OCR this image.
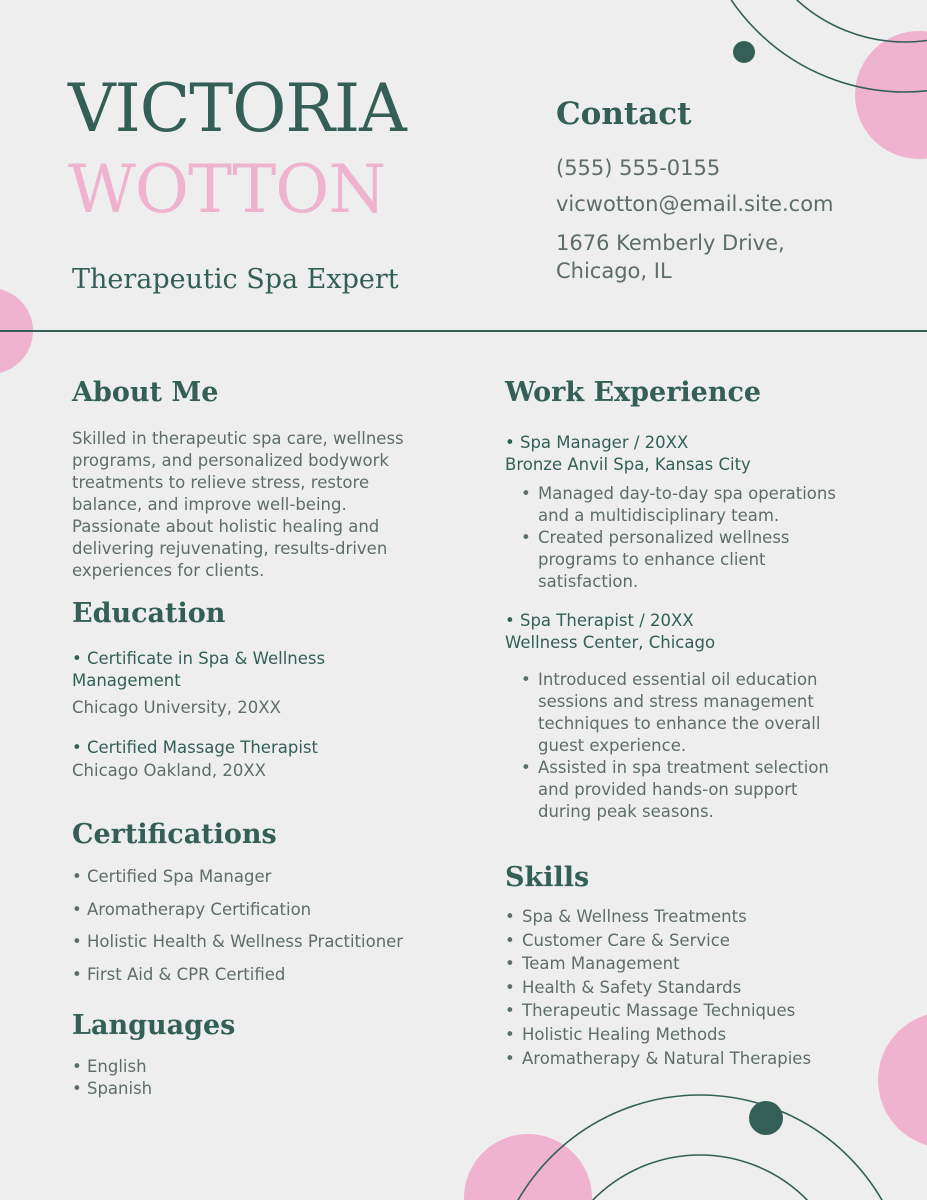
VICTORIA
WOTTON
Therapeutic Spa Expert
Contact

(555) 555-0155

vicwotton@email.site.com

1676 Kemberly Drive,

Chicago, IL

About Me
Skilled in therapeutic spa care, wellness
programs, and personalized bodywork
treatments to relieve stress, restore
balance, and improve well-being.
Passionate about holistic healing and
delivering rejuvenating, results-driven
experiences for clients.
Education
• Certificate in Spa & Wellness
Management

Chicago University, 20XX

• Certified Massage Therapist

Chicago Oakland, 20XX

Certifications
• Certified Spa Manager
• Aromatherapy Certification
• Holistic Health & Wellness Practitioner
• First Aid & CPR Certified
Languages
• English
• Spanish
Work Experience

• Spa Manager / 20XX

Bronze Anvil Spa, Kansas City

• Managed day-to-day spa operations
and a multidisciplinary team.
• Created personalized wellness
programs to enhance client
satisfaction.

• Spa Therapist / 20XX

Wellness Center, Chicago

• Introduced essential oil education
sessions and stress management
techniques to enhance the overall
guest experience.
• Assisted in spa treatment selection
and provided hands-on support
during peak seasons.
Skills
• Spa & Wellness Treatments
• Customer Care & Service
• Team Management
• Health & Safety Standards
• Therapeutic Massage Techniques
• Holistic Healing Methods
• Aromatherapy & Natural Therapies
